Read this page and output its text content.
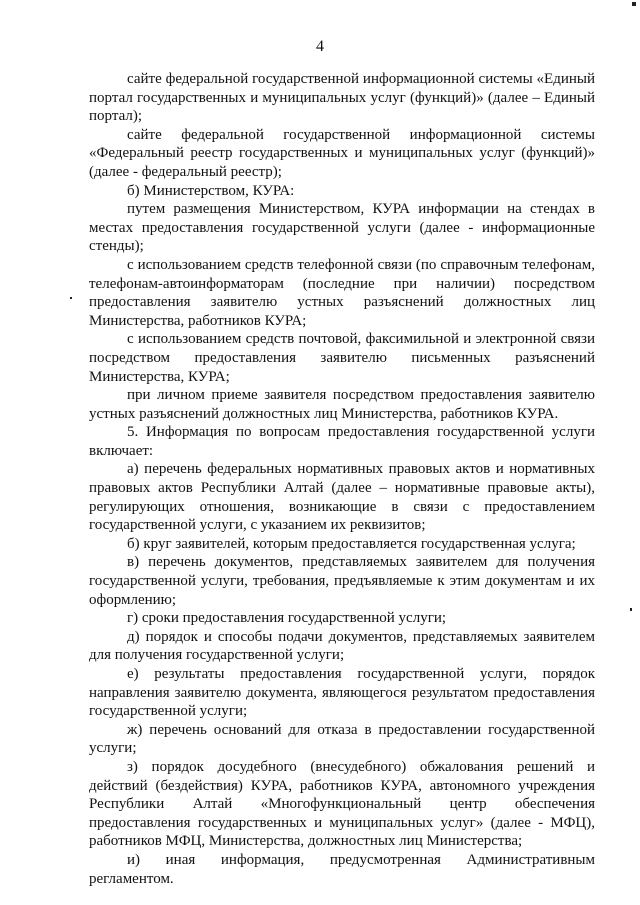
4

сайте федеральной государственной информационной системы «Единый портал государственных и муниципальных услуг (функций)» (далее – Единый портал);

сайте федеральной государственной информационной системы «Федеральный реестр государственных и муниципальных услуг (функций)» (далее - федеральный реестр);

б) Министерством, КУРА:

путем размещения Министерством, КУРА информации на стендах в местах предоставления государственной услуги (далее - информационные стенды);

с использованием средств телефонной связи (по справочным телефонам, телефонам-автоинформаторам (последние при наличии) посредством предоставления заявителю устных разъяснений должностных лиц Министерства, работников КУРА;

с использованием средств почтовой, факсимильной и электронной связи посредством предоставления заявителю письменных разъяснений Министерства, КУРА;

при личном приеме заявителя посредством предоставления заявителю устных разъяснений должностных лиц Министерства, работников КУРА.

5. Информация по вопросам предоставления государственной услуги включает:

а) перечень федеральных нормативных правовых актов и нормативных правовых актов Республики Алтай (далее – нормативные правовые акты), регулирующих отношения, возникающие в связи с предоставлением государственной услуги, с указанием их реквизитов;

б) круг заявителей, которым предоставляется государственная услуга;

в) перечень документов, представляемых заявителем для получения государственной услуги, требования, предъявляемые к этим документам и их оформлению;

г) сроки предоставления государственной услуги;

д) порядок и способы подачи документов, представляемых заявителем для получения государственной услуги;

е) результаты предоставления государственной услуги, порядок направления заявителю документа, являющегося результатом предоставления государственной услуги;

ж) перечень оснований для отказа в предоставлении государственной услуги;

з) порядок досудебного (внесудебного) обжалования решений и действий (бездействия) КУРА, работников КУРА, автономного учреждения Республики Алтай «Многофункциональный центр обеспечения предоставления государственных и муниципальных услуг» (далее - МФЦ), работников МФЦ, Министерства, должностных лиц Министерства;

и) иная информация, предусмотренная Административным регламентом.
